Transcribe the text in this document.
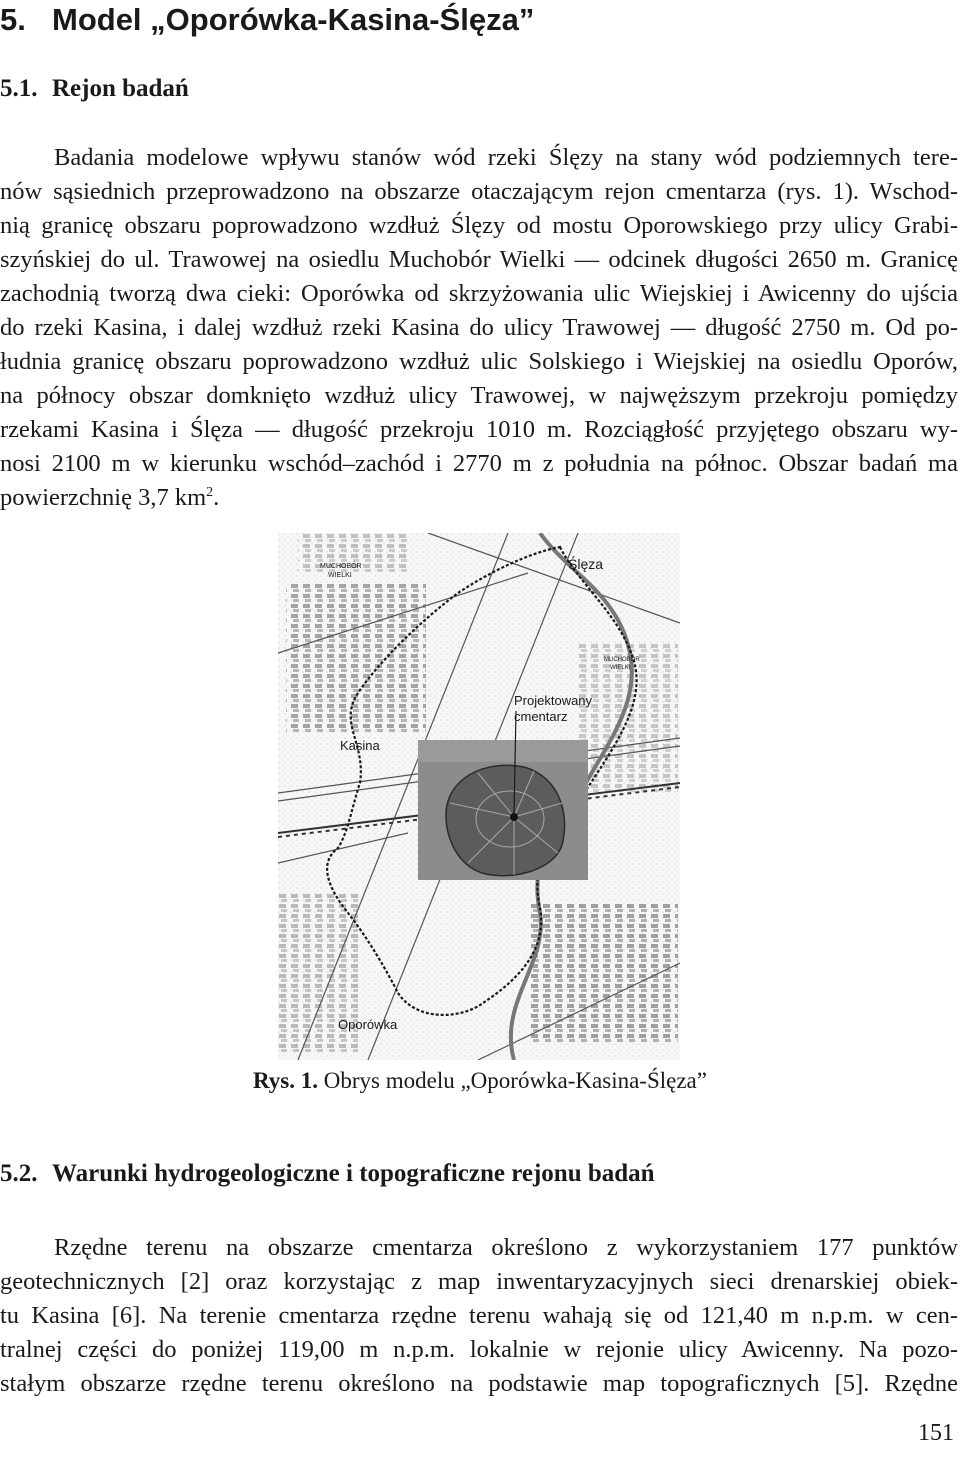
5. Model „Oporówka-Kasina-Ślęza”
5.1. Rejon badań
Badania modelowe wpływu stanów wód rzeki Ślęzy na stany wód podziemnych tere-
nów sąsiednich przeprowadzono na obszarze otaczającym rejon cmentarza (rys. 1). Wschod-
nią granicę obszaru poprowadzono wzdłuż Ślęzy od mostu Oporowskiego przy ulicy Grabi-
szyńskiej do ul. Trawowej na osiedlu Muchobór Wielki — odcinek długości 2650 m. Granicę
zachodnią tworzą dwa cieki: Oporówka od skrzyżowania ulic Wiejskiej i Awicenny do ujścia
do rzeki Kasina, i dalej wzdłuż rzeki Kasina do ulicy Trawowej — długość 2750 m. Od po-
łudnia granicę obszaru poprowadzono wzdłuż ulic Solskiego i Wiejskiej na osiedlu Oporów,
na północy obszar domknięto wzdłuż ulicy Trawowej, w najwęższym przekroju pomiędzy
rzekami Kasina i Ślęza — długość przekroju 1010 m. Rozciągłość przyjętego obszaru wy-
nosi 2100 m w kierunku wschód–zachód i 2770 m z południa na północ. Obszar badań ma
powierzchnię 3,7 $km^2$.
Ślęza
MUCHOBÓR
WIELKI
MUCHOBÓR
WIELKI
Projektowany
cmentarz
Kasina
Oporówka
Rys. 1. Obrys modelu „Oporówka-Kasina-Ślęza”
5.2. Warunki hydrogeologiczne i topograficzne rejonu badań
Rzędne terenu na obszarze cmentarza określono z wykorzystaniem 177 punktów
geotechnicznych [2] oraz korzystając z map inwentaryzacyjnych sieci drenarskiej obiek-
tu Kasina [6]. Na terenie cmentarza rzędne terenu wahają się od 121,40 m n.p.m. w cen-
tralnej części do poniżej 119,00 m n.p.m. lokalnie w rejonie ulicy Awicenny. Na pozo-
stałym obszarze rzędne terenu określono na podstawie map topograficznych [5]. Rzędne
151
